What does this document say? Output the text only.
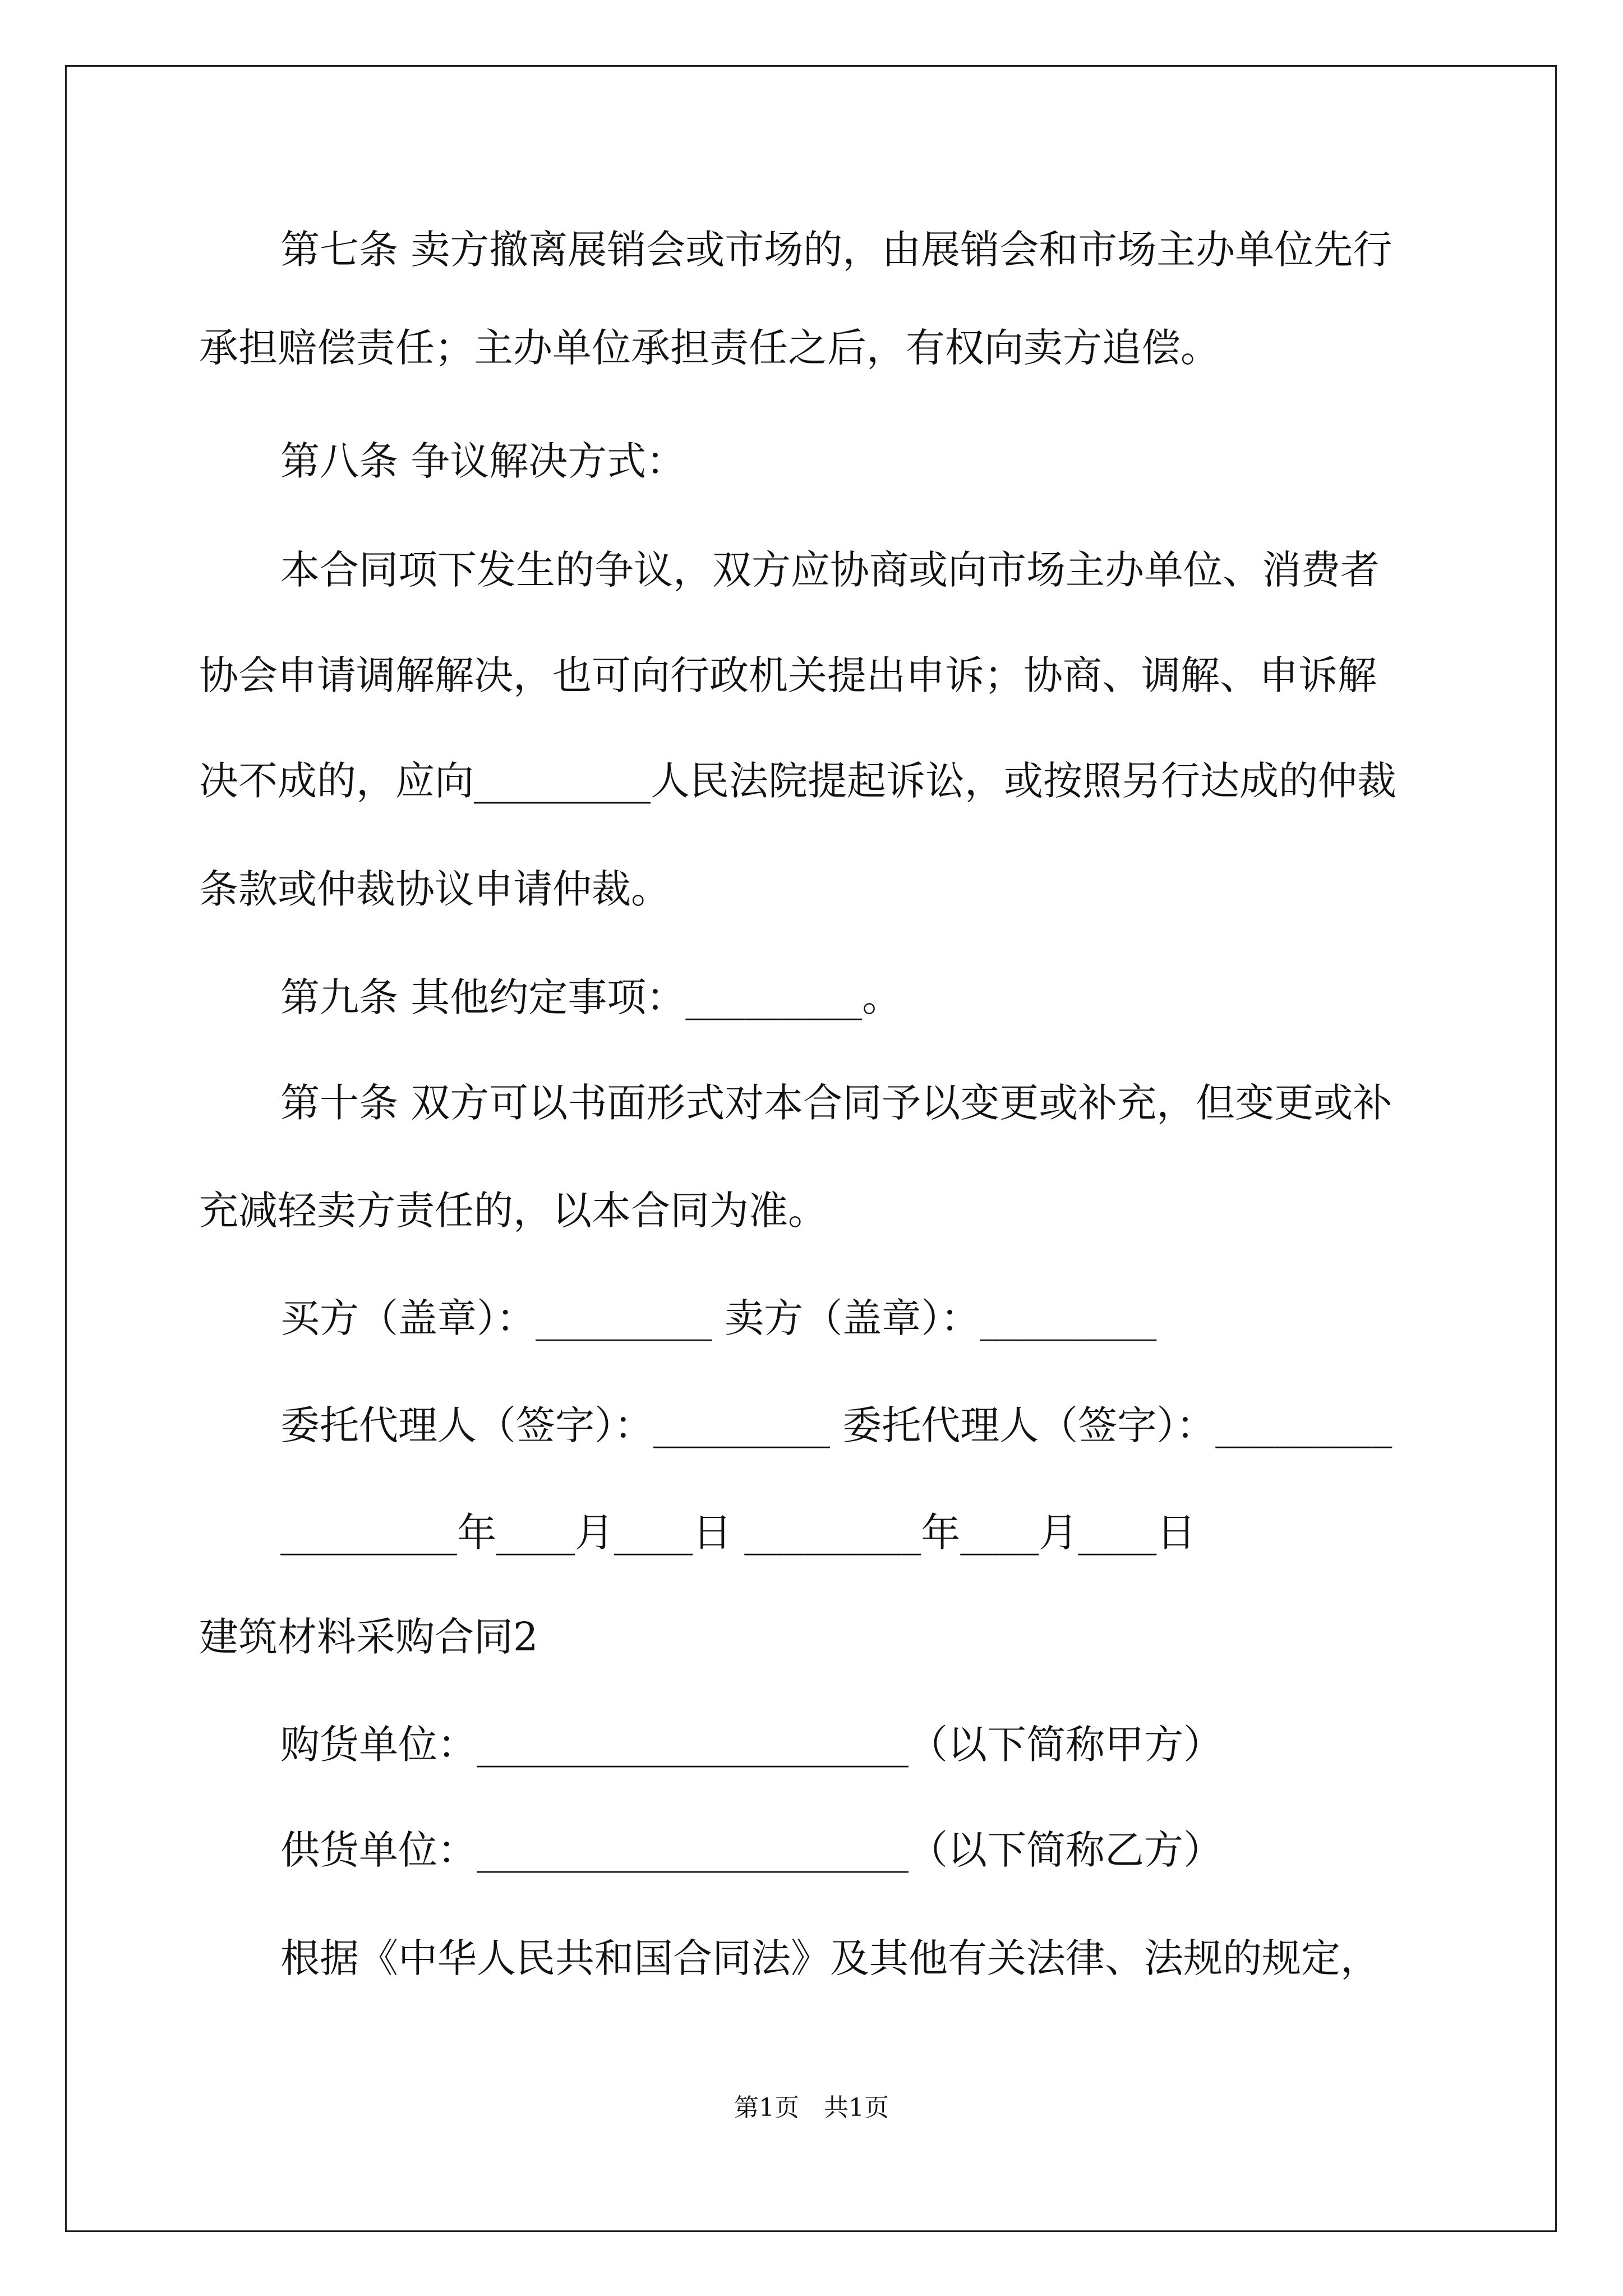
第七条 卖方撤离展销会或市场的，由展销会和市场主办单位先行

承担赔偿责任；主办单位承担责任之后，有权向卖方追偿。

第八条 争议解决方式：

本合同项下发生的争议，双方应协商或向市场主办单位、消费者

协会申请调解解决，也可向行政机关提出申诉；协商、调解、申诉解

决不成的，应向_________人民法院提起诉讼，或按照另行达成的仲裁

条款或仲裁协议申请仲裁。

第九条 其他约定事项：_________。

第十条 双方可以书面形式对本合同予以变更或补充，但变更或补

充减轻卖方责任的，以本合同为准。

买方（盖章）：_________ 卖方（盖章）：_________

委托代理人（签字）：_________ 委托代理人（签字）：_________

_________年____月____日 _________年____月____日

建筑材料采购合同2

购货单位：______________________（以下简称甲方）

供货单位：______________________（以下简称乙方）

根据《中华人民共和国合同法》及其他有关法律、法规的规定，

第1页　共1页
